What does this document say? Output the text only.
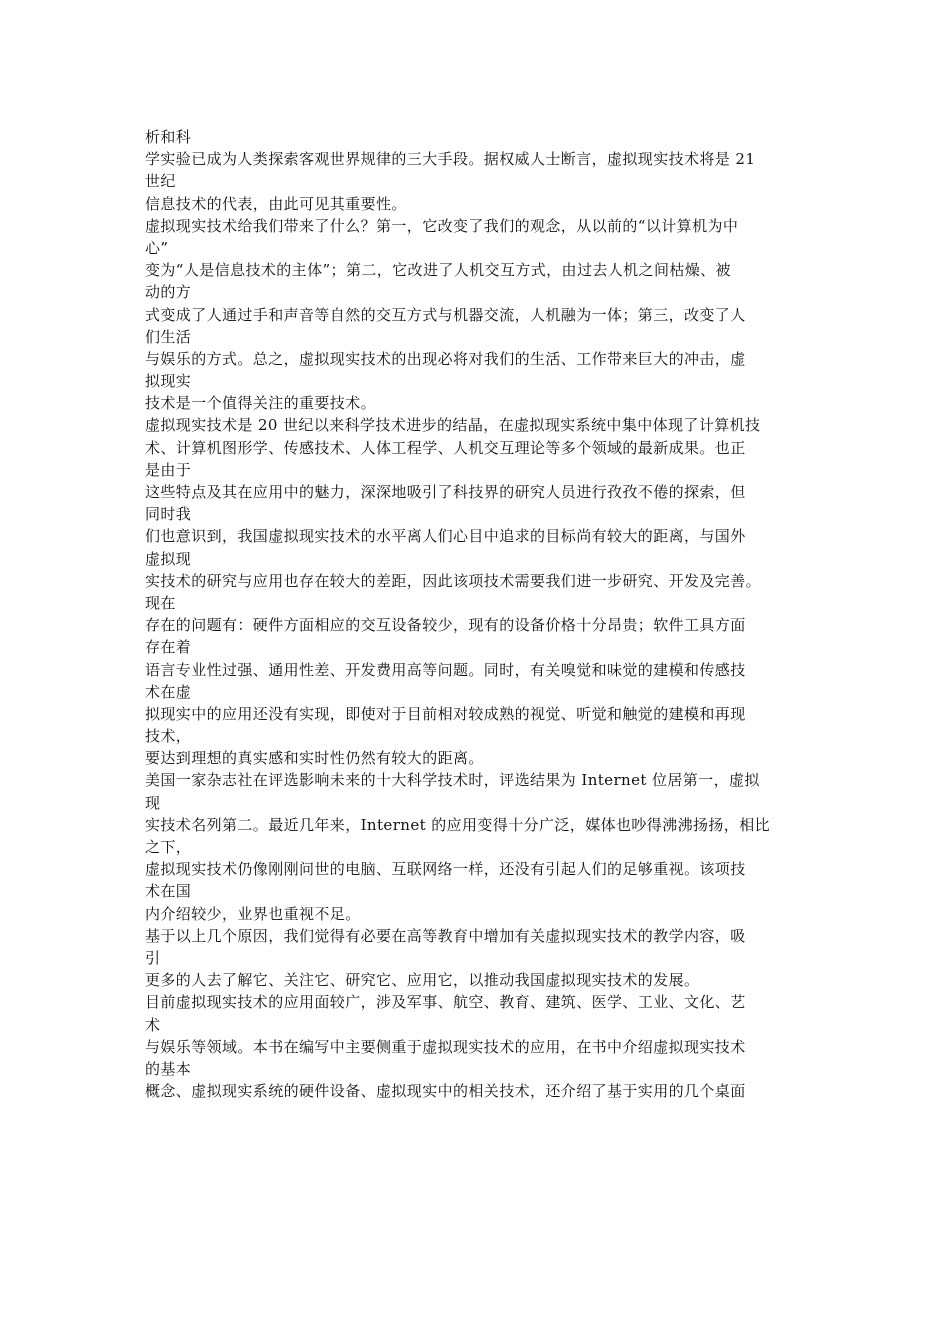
析和科
学实验已成为人类探索客观世界规律的三大手段。据权威人士断言，虚拟现实技术将是 21
世纪
信息技术的代表，由此可见其重要性。
虚拟现实技术给我们带来了什么？第一，它改变了我们的观念，从以前的“以计算机为中
心”
变为“人是信息技术的主体”；第二，它改进了人机交互方式，由过去人机之间枯燥、被
动的方
式变成了人通过手和声音等自然的交互方式与机器交流，人机融为一体；第三，改变了人
们生活
与娱乐的方式。总之，虚拟现实技术的出现必将对我们的生活、工作带来巨大的冲击，虚
拟现实
技术是一个值得关注的重要技术。
虚拟现实技术是 20 世纪以来科学技术进步的结晶，在虚拟现实系统中集中体现了计算机技
术、计算机图形学、传感技术、人体工程学、人机交互理论等多个领域的最新成果。也正
是由于
这些特点及其在应用中的魅力，深深地吸引了科技界的研究人员进行孜孜不倦的探索，但
同时我
们也意识到，我国虚拟现实技术的水平离人们心目中追求的目标尚有较大的距离，与国外
虚拟现
实技术的研究与应用也存在较大的差距，因此该项技术需要我们进一步研究、开发及完善。
现在
存在的问题有：硬件方面相应的交互设备较少，现有的设备价格十分昂贵；软件工具方面
存在着
语言专业性过强、通用性差、开发费用高等问题。同时，有关嗅觉和味觉的建模和传感技
术在虚
拟现实中的应用还没有实现，即使对于目前相对较成熟的视觉、听觉和触觉的建模和再现
技术，
要达到理想的真实感和实时性仍然有较大的距离。
美国一家杂志社在评选影响未来的十大科学技术时，评选结果为 Internet 位居第一，虚拟
现
实技术名列第二。最近几年来，Internet 的应用变得十分广泛，媒体也吵得沸沸扬扬，相比
之下，
虚拟现实技术仍像刚刚问世的电脑、互联网络一样，还没有引起人们的足够重视。该项技
术在国
内介绍较少，业界也重视不足。
基于以上几个原因，我们觉得有必要在高等教育中增加有关虚拟现实技术的教学内容，吸
引
更多的人去了解它、关注它、研究它、应用它，以推动我国虚拟现实技术的发展。
目前虚拟现实技术的应用面较广，涉及军事、航空、教育、建筑、医学、工业、文化、艺
术
与娱乐等领域。本书在编写中主要侧重于虚拟现实技术的应用，在书中介绍虚拟现实技术
的基本
概念、虚拟现实系统的硬件设备、虚拟现实中的相关技术，还介绍了基于实用的几个桌面
